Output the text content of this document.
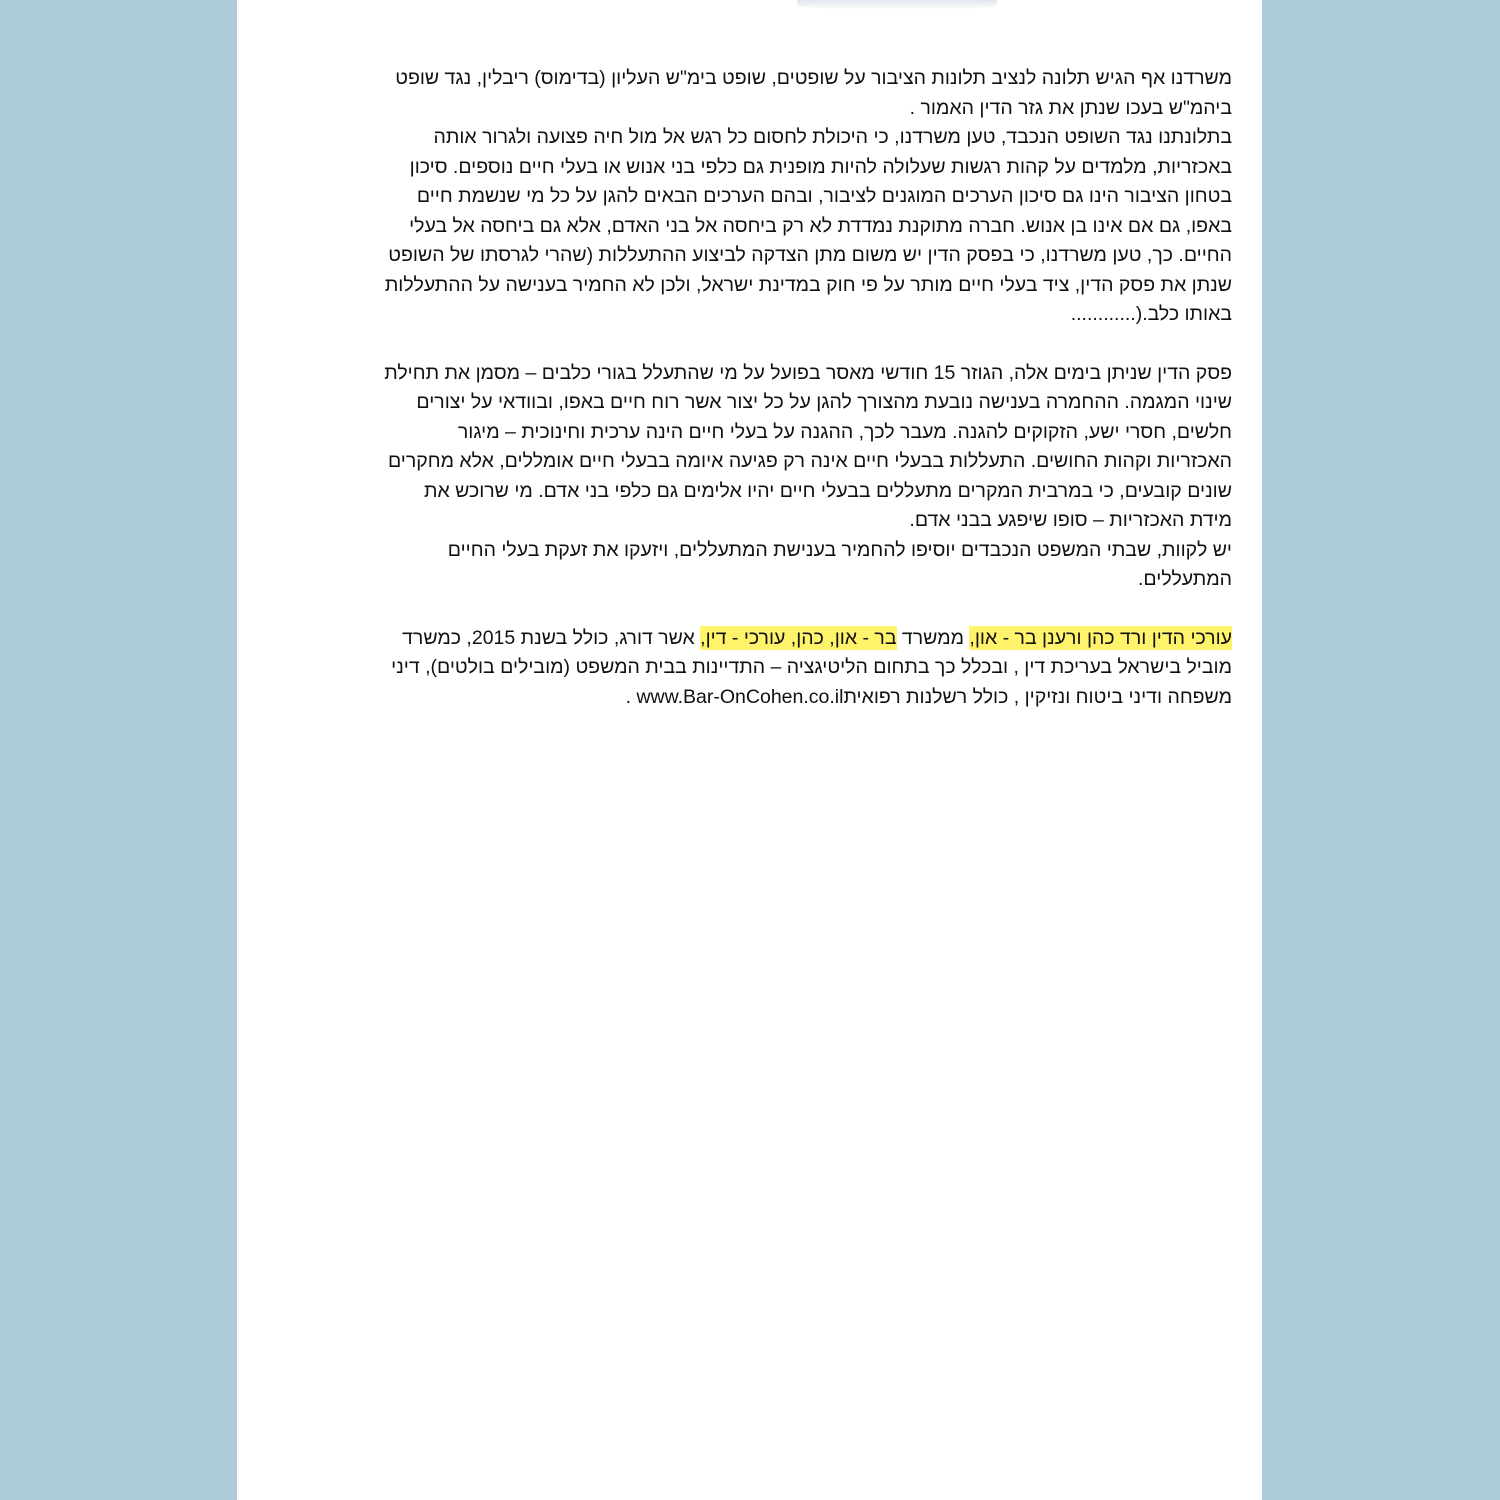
משרדנו אף הגיש תלונה לנציב תלונות הציבור על שופטים, שופט בימ"ש העליון (בדימוס) ריבלין, נגד שופט ביהמ"ש בעכו שנתן את גזר הדין האמור .

בתלונתנו נגד השופט הנכבד, טען משרדנו, כי היכולת לחסום כל רגש אל מול חיה פצועה ולגרור אותה באכזריות, מלמדים על קהות רגשות שעלולה להיות מופנית גם כלפי בני אנוש או בעלי חיים נוספים. סיכון בטחון הציבור הינו גם סיכון הערכים המוגנים לציבור, ובהם הערכים הבאים להגן על כל מי שנשמת חיים באפו, גם אם אינו בן אנוש. חברה מתוקנת נמדדת לא רק ביחסה אל בני האדם, אלא גם ביחסה אל בעלי החיים. כך, טען משרדנו, כי בפסק הדין יש משום מתן הצדקה לביצוע ההתעללות (שהרי לגרסתו של השופט שנתן את פסק הדין, ציד בעלי חיים מותר על פי חוק במדינת ישראל, ולכן לא החמיר בענישה על ההתעללות באותו כלב.(............

פסק הדין שניתן בימים אלה, הגוזר 15 חודשי מאסר בפועל על מי שהתעלל בגורי כלבים – מסמן את תחילת שינוי המגמה. ההחמרה בענישה נובעת מהצורך להגן על כל יצור אשר רוח חיים באפו, ובוודאי על יצורים חלשים, חסרי ישע, הזקוקים להגנה. מעבר לכך, ההגנה על בעלי חיים הינה ערכית וחינוכית – מיגור האכזריות וקהות החושים. התעללות בבעלי חיים אינה רק פגיעה איומה בבעלי חיים אומללים, אלא מחקרים שונים קובעים, כי במרבית המקרים מתעללים בבעלי חיים יהיו אלימים גם כלפי בני אדם. מי שרוכש את מידת האכזריות – סופו שיפגע בבני אדם.

יש לקוות, שבתי המשפט הנכבדים יוסיפו להחמיר בענישת המתעללים, ויזעקו את זעקת בעלי החיים המתעללים.

עורכי הדין ורד כהן ורענן בר - און, ממשרד בר - און, כהן, עורכי - דין, אשר דורג, כולל בשנת 2015, כמשרד מוביל בישראל בעריכת דין , ובכלל כך בתחום הליטיגציה – התדיינות בבית המשפט (מובילים בולטים), דיני משפחה ודיני ביטוח ונזיקין , כולל רשלנות רפואיתwww.Bar-OnCohen.co.il .
